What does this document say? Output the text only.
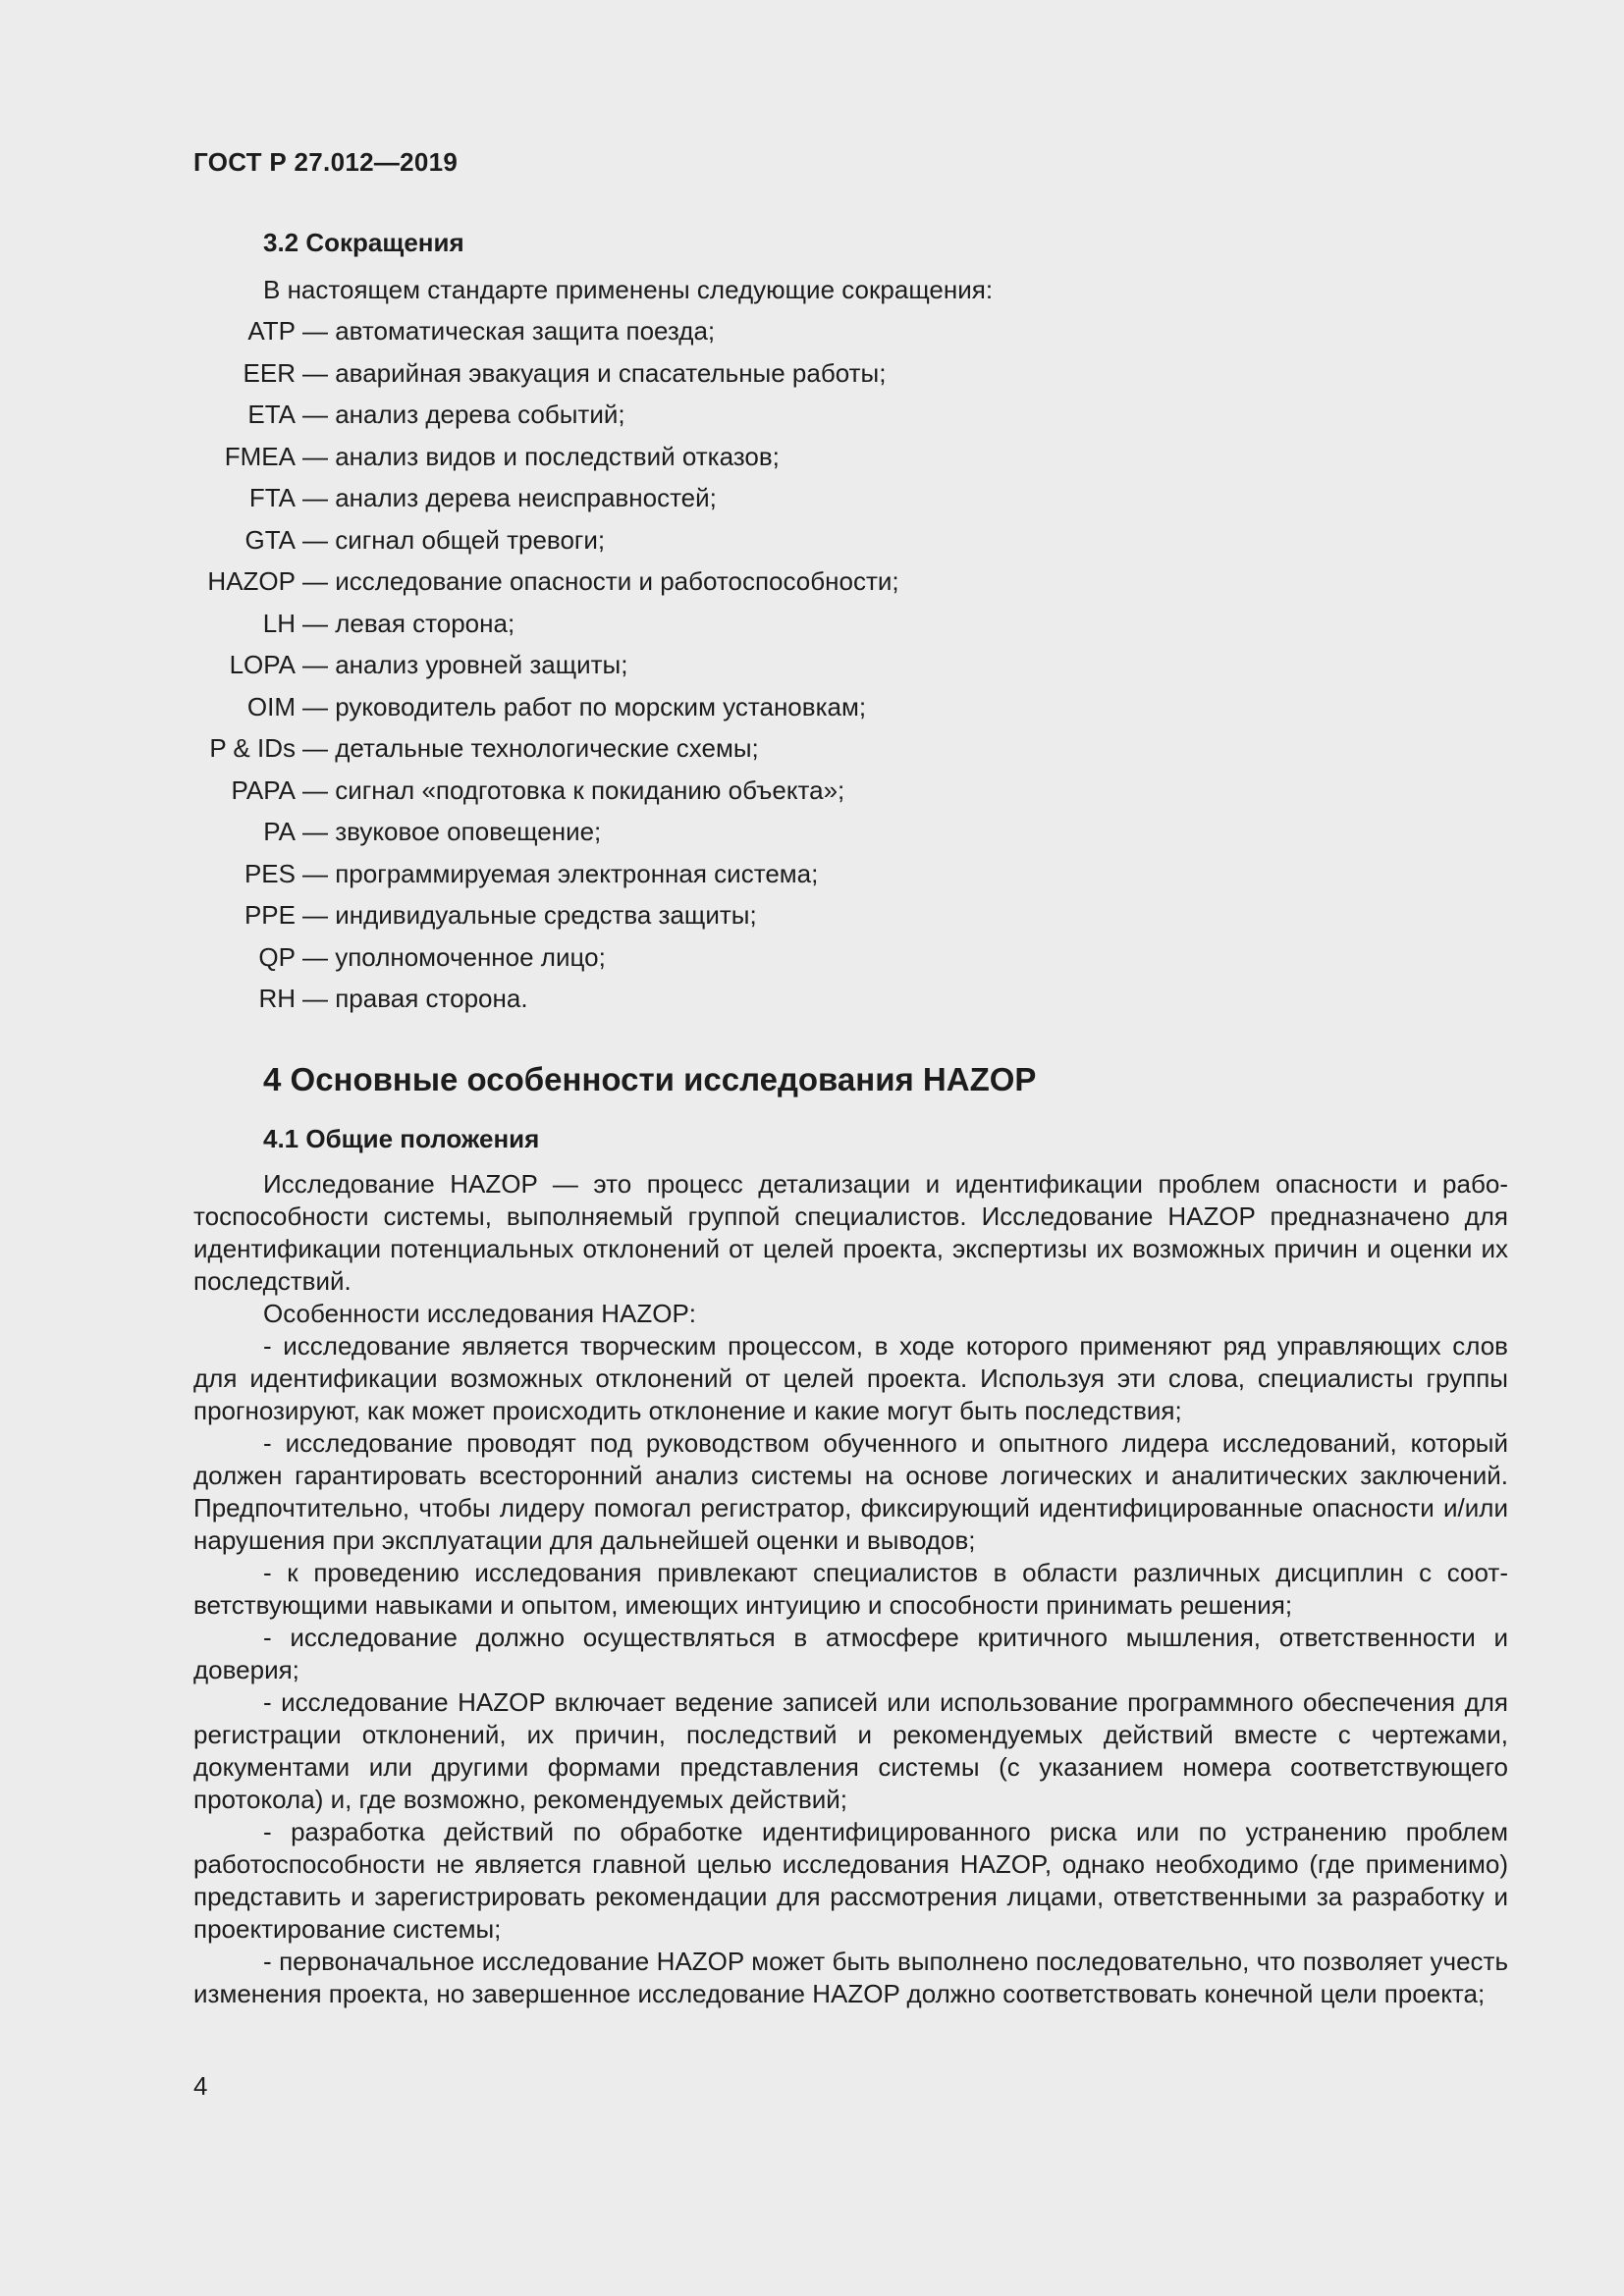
ГОСТ Р 27.012—2019
3.2 Сокращения
В настоящем стандарте применены следующие сокращения:
ATP — автоматическая защита поезда;
EER — аварийная эвакуация и спасательные работы;
ETA — анализ дерева событий;
FMEA — анализ видов и последствий отказов;
FTA — анализ дерева неисправностей;
GTA — сигнал общей тревоги;
HAZOP — исследование опасности и работоспособности;
LH — левая сторона;
LOPA — анализ уровней защиты;
OIM — руководитель работ по морским установкам;
P & IDs — детальные технологические схемы;
PAPA — сигнал «подготовка к покиданию объекта»;
PA — звуковое оповещение;
PES — программируемая электронная система;
PPE — индивидуальные средства защиты;
QP — уполномоченное лицо;
RH — правая сторона.
4 Основные особенности исследования HAZOP
4.1 Общие положения

Исследование HAZOP — это процесс детализации и идентификации проблем опасности и работоспособности системы, выполняемый группой специалистов. Исследование HAZOP предназначено для идентификации потенциальных отклонений от целей проекта, экспертизы их возможных причин и оценки их последствий.

Особенности исследования HAZOP:

- исследование является творческим процессом, в ходе которого применяют ряд управляющих слов для идентификации возможных отклонений от целей проекта. Используя эти слова, специалисты группы прогнозируют, как может происходить отклонение и какие могут быть последствия;

- исследование проводят под руководством обученного и опытного лидера исследований, который должен гарантировать всесторонний анализ системы на основе логических и аналитических заключений. Предпочтительно, чтобы лидеру помогал регистратор, фиксирующий идентифицированные опасности и/или нарушения при эксплуатации для дальнейшей оценки и выводов;

- к проведению исследования привлекают специалистов в области различных дисциплин с соответствующими навыками и опытом, имеющих интуицию и способности принимать решения;

- исследование должно осуществляться в атмосфере критичного мышления, ответственности и доверия;

- исследование HAZOP включает ведение записей или использование программного обеспечения для регистрации отклонений, их причин, последствий и рекомендуемых действий вместе с чертежами, документами или другими формами представления системы (с указанием номера соответствующего протокола) и, где возможно, рекомендуемых действий;

- разработка действий по обработке идентифицированного риска или по устранению проблем работоспособности не является главной целью исследования HAZOP, однако необходимо (где применимо) представить и зарегистрировать рекомендации для рассмотрения лицами, ответственными за разработку и проектирование системы;

- первоначальное исследование HAZOP может быть выполнено последовательно, что позволяет учесть изменения проекта, но завершенное исследование HAZOP должно соответствовать конечной цели проекта;

4
